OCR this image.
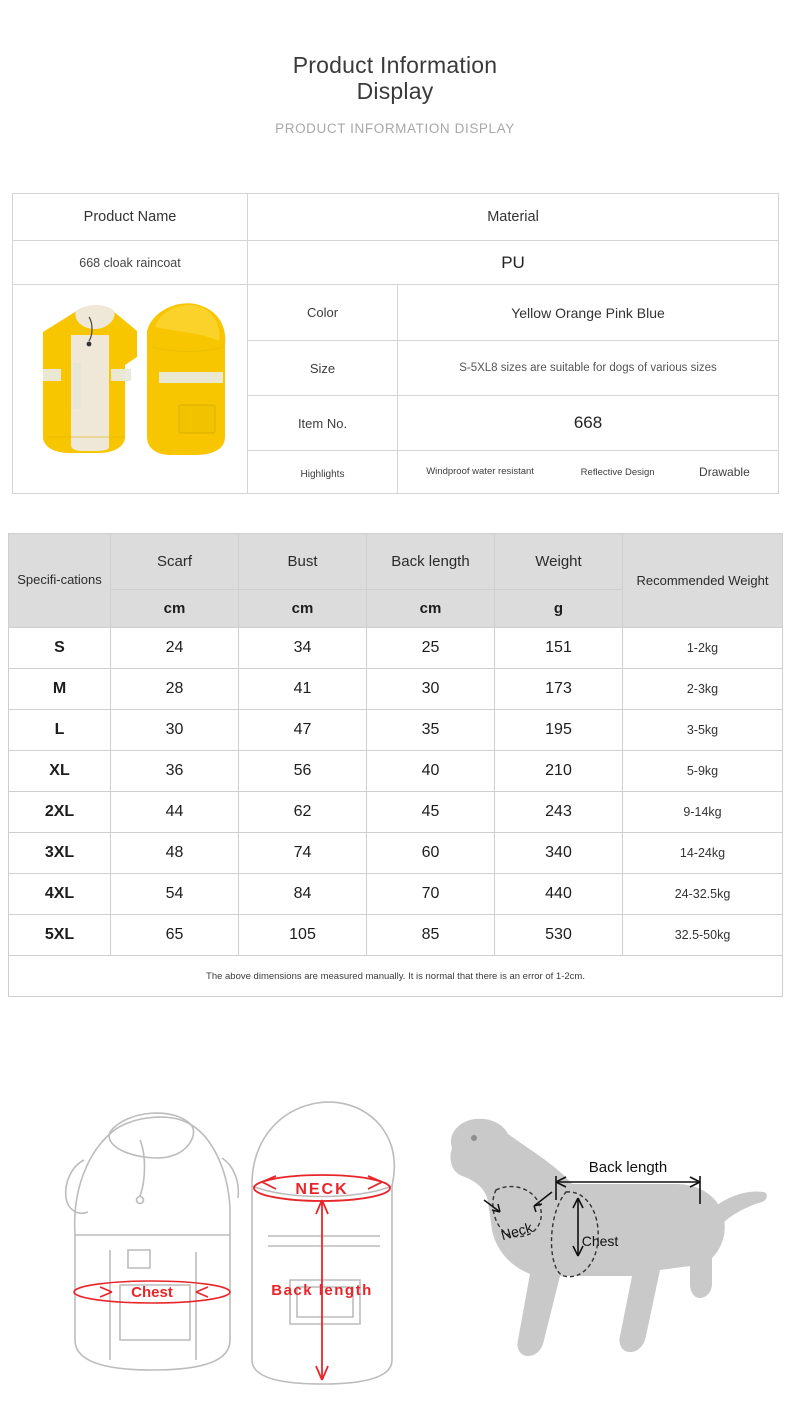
Product Information Display
PRODUCT INFORMATION DISPLAY
Product Name	Material	
668 cloak raincoat	PU	

	Color	Yellow Orange Pink Blue
	Size	S-5XL8 sizes are suitable for dogs of various sizes
	Item No.	668
	Highlights	Windproof water resistant Reflective Design Drawable
Specifi-cations	Scarf	Bust	Back length	Weight	Recommended Weight
	cm	cm	cm	g	
S	24	34	25	151	1-2kg
M	28	41	30	173	2-3kg
L	30	47	35	195	3-5kg
XL	36	56	40	210	5-9kg
2XL	44	62	45	243	9-14kg
3XL	48	74	60	340	14-24kg
4XL	54	84	70	440	24-32.5kg
5XL	65	105	85	530	32.5-50kg
The above dimensions are measured manually. It is normal that there is an error of 1-2cm.					
Chest
NECK
Back length
Back length
Neck	Chest
